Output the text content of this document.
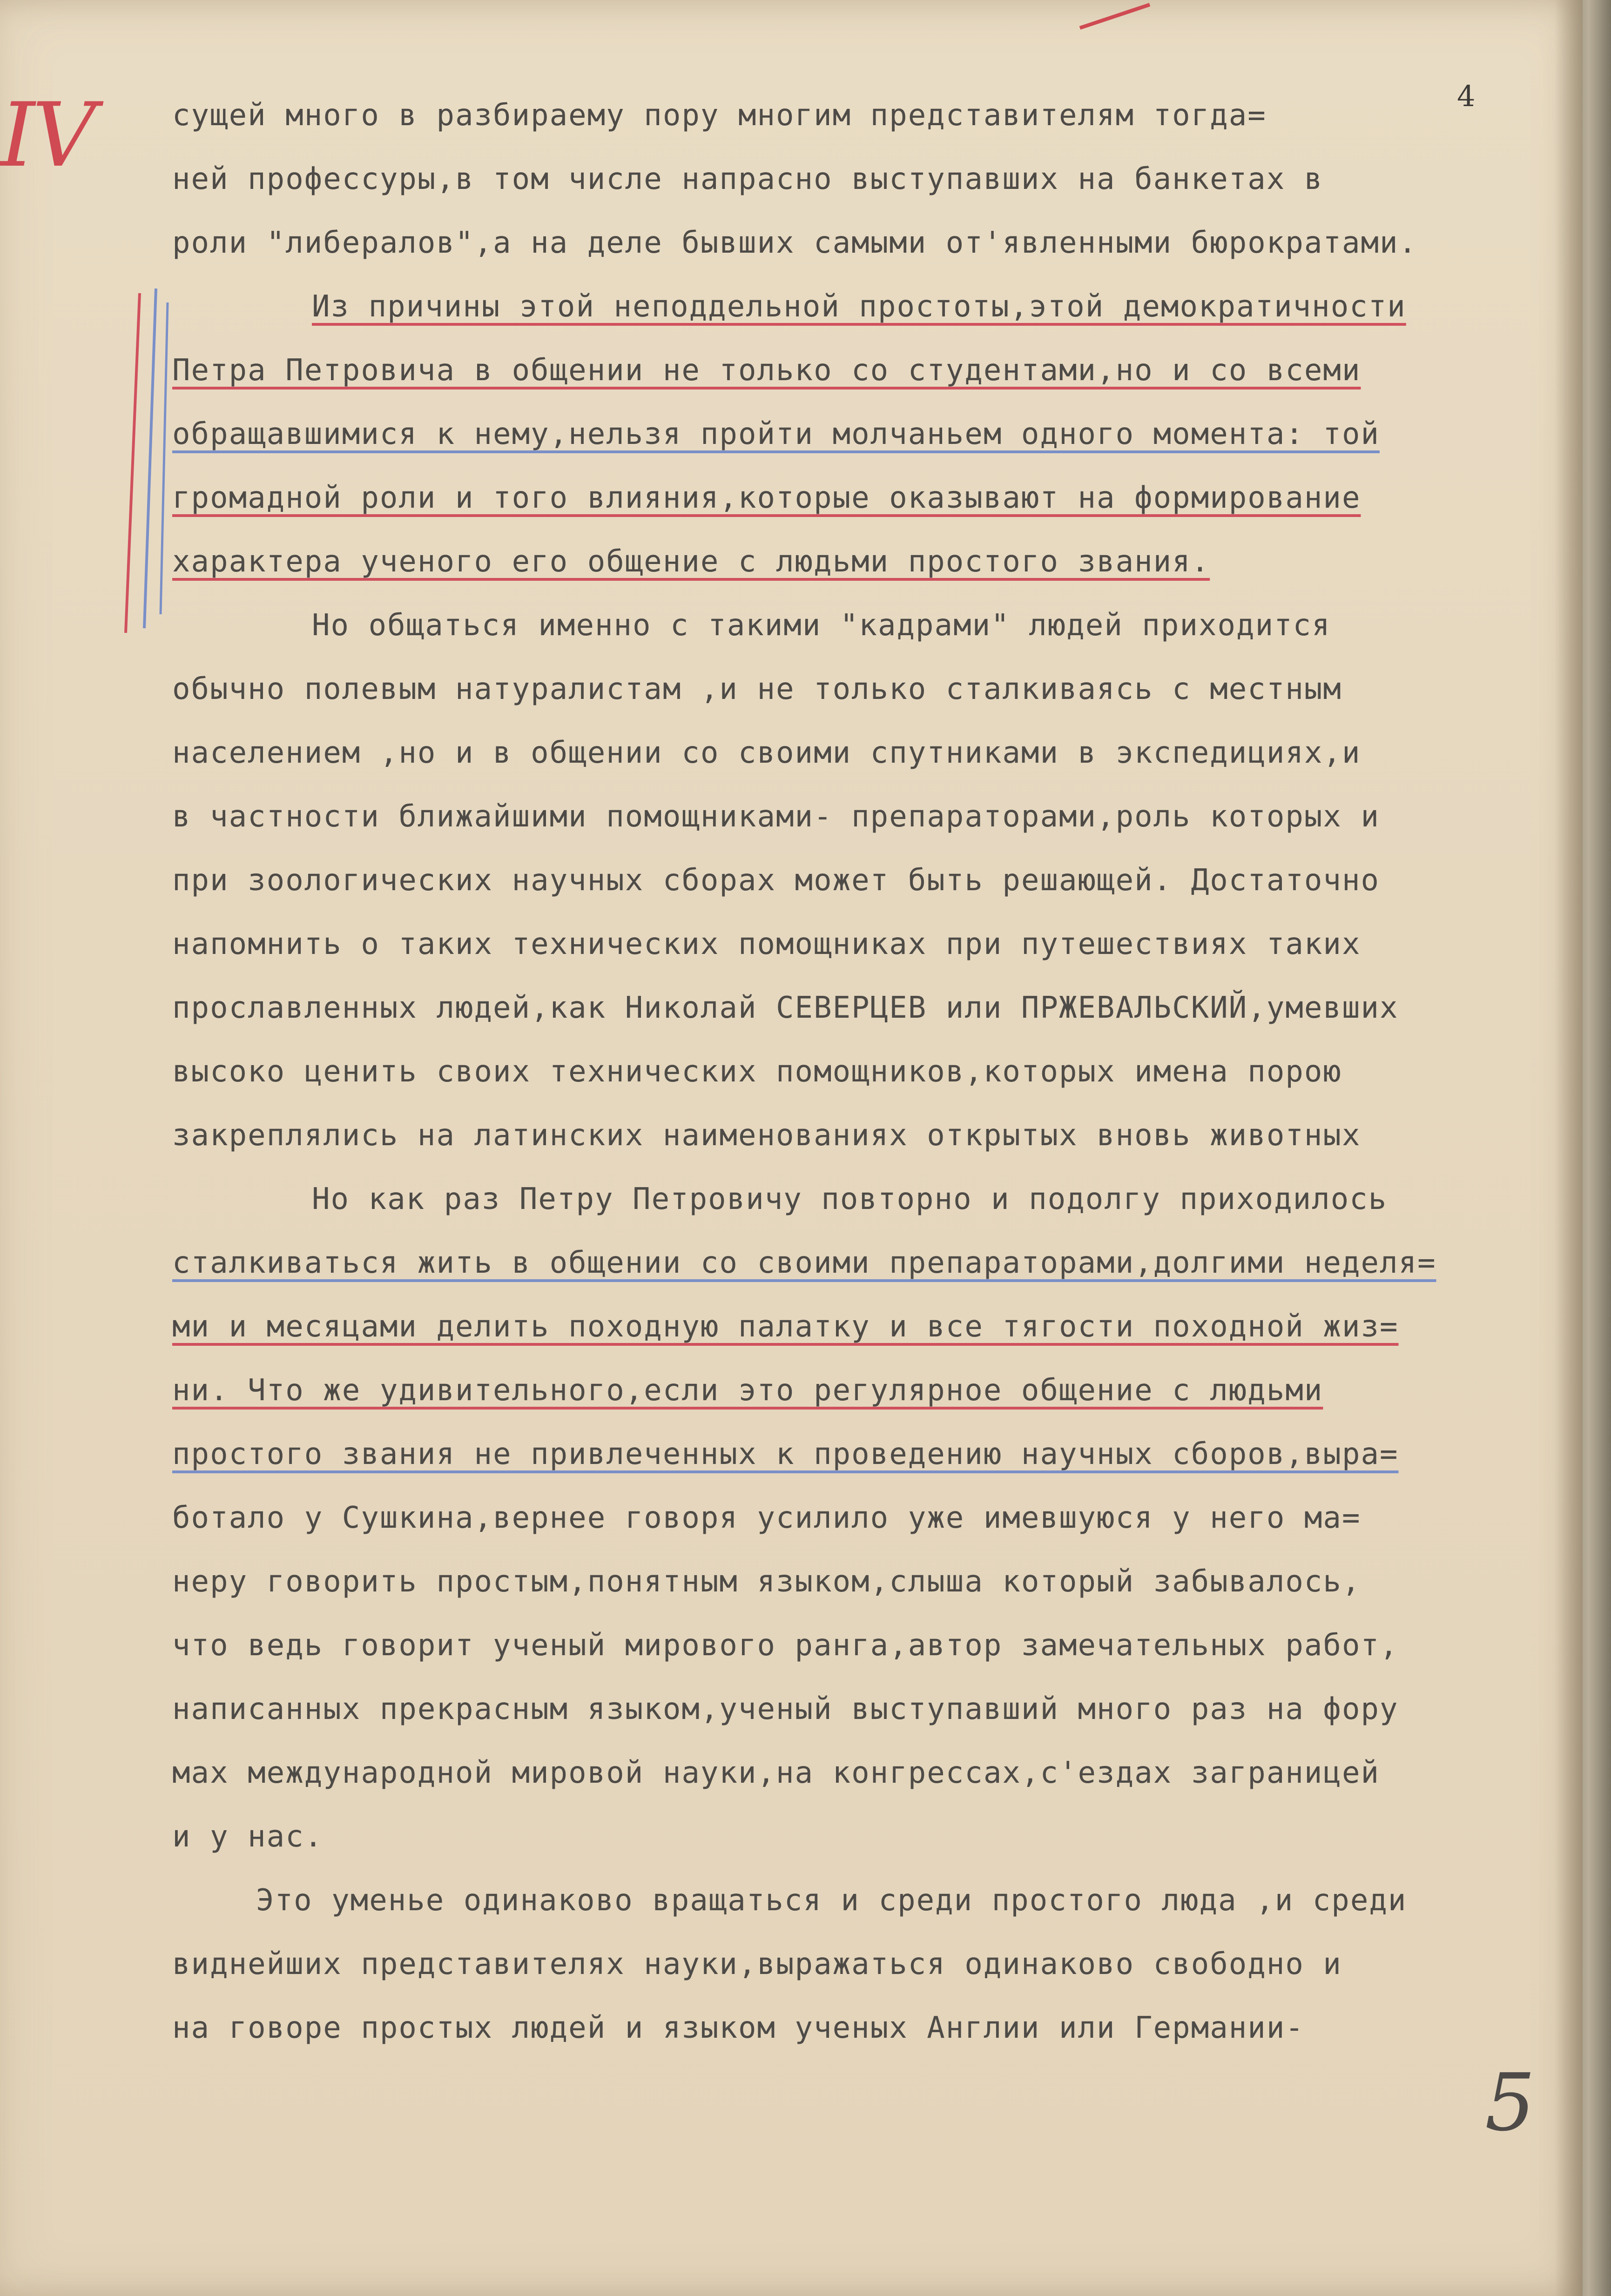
IV	4
сущей много в разбираему пору многим представителям тогда=
ней профессуры,в том числе напрасно выступавших на банкетах в
роли "либералов",а на деле бывших самыми от'явленными бюрократами.
Из причины этой неподдельной простоты,этой демократичности
Петра Петровича в общении не только со студентами,но и со всеми
обращавшимися к нему,нельзя пройти молчаньем одного момента: той
громадной роли и того влияния,которые оказывают на формирование
характера ученого его общение с людьми простого звания.
Но общаться именно с такими "кадрами" людей приходится
обычно полевым натуралистам ,и не только сталкиваясь с местным
населением ,но и в общении со своими спутниками в экспедициях,и
в частности ближайшими помощниками- препараторами,роль которых и
при зоологических научных сборах может быть решающей. Достаточно
напомнить о таких технических помощниках при путешествиях таких
прославленных людей,как Николай СЕВЕРЦЕВ или ПРЖЕВАЛЬСКИЙ,умевших
высоко ценить своих технических помощников,которых имена порою
закреплялись на латинских наименованиях открытых вновь животных
Но как раз Петру Петровичу повторно и подолгу приходилось
сталкиваться жить в общении со своими препараторами,долгими неделя=
ми и месяцами делить походную палатку и все тягости походной жиз=
ни. Что же удивительного,если это регулярное общение с людьми
простого звания не привлеченных к проведению научных сборов,выра=
ботало у Сушкина,вернее говоря усилило уже имевшуюся у него ма=
неру говорить простым,понятным языком,слыша который забывалось,
что ведь говорит ученый мирового ранга,автор замечательных работ,
написанных прекрасным языком,ученый выступавший много раз на фору
мах международной мировой науки,на конгрессах,с'ездах заграницей
и у нас.
Это уменье одинаково вращаться и среди простого люда ,и среди
виднейших представителях науки,выражаться одинаково свободно и
на говоре простых людей и языком ученых Англии или Германии-
5
